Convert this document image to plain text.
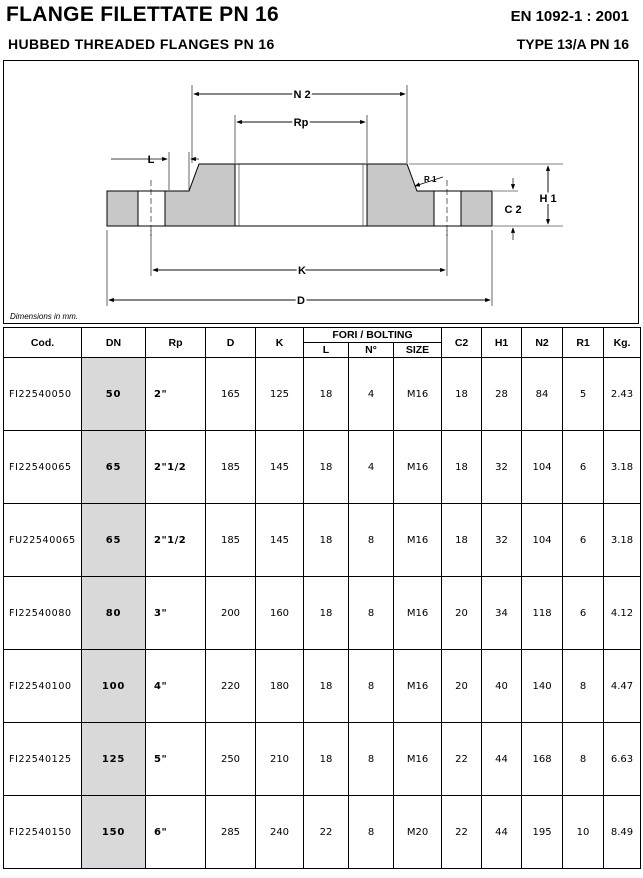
FLANGE FILETTATE PN 16
HUBBED THREADED FLANGES PN 16
EN 1092-1 : 2001
TYPE 13/A PN 16
N 2
Rp
L
R 1
C 2
H 1
K
D
Dimensions in mm.
Cod.	DN	Rp	D	K	FORI / BOLTING			C2	H1	N2	R1	Kg.
					L	N°	SIZE					
FI22540050	50	2"	165	125	18	4	M16	18	28	84	5	2.43
FI22540065	65	2"1/2	185	145	18	4	M16	18	32	104	6	3.18
FU22540065	65	2"1/2	185	145	18	8	M16	18	32	104	6	3.18
FI22540080	80	3"	200	160	18	8	M16	20	34	118	6	4.12
FI22540100	100	4"	220	180	18	8	M16	20	40	140	8	4.47
FI22540125	125	5"	250	210	18	8	M16	22	44	168	8	6.63
FI22540150	150	6"	285	240	22	8	M20	22	44	195	10	8.49
